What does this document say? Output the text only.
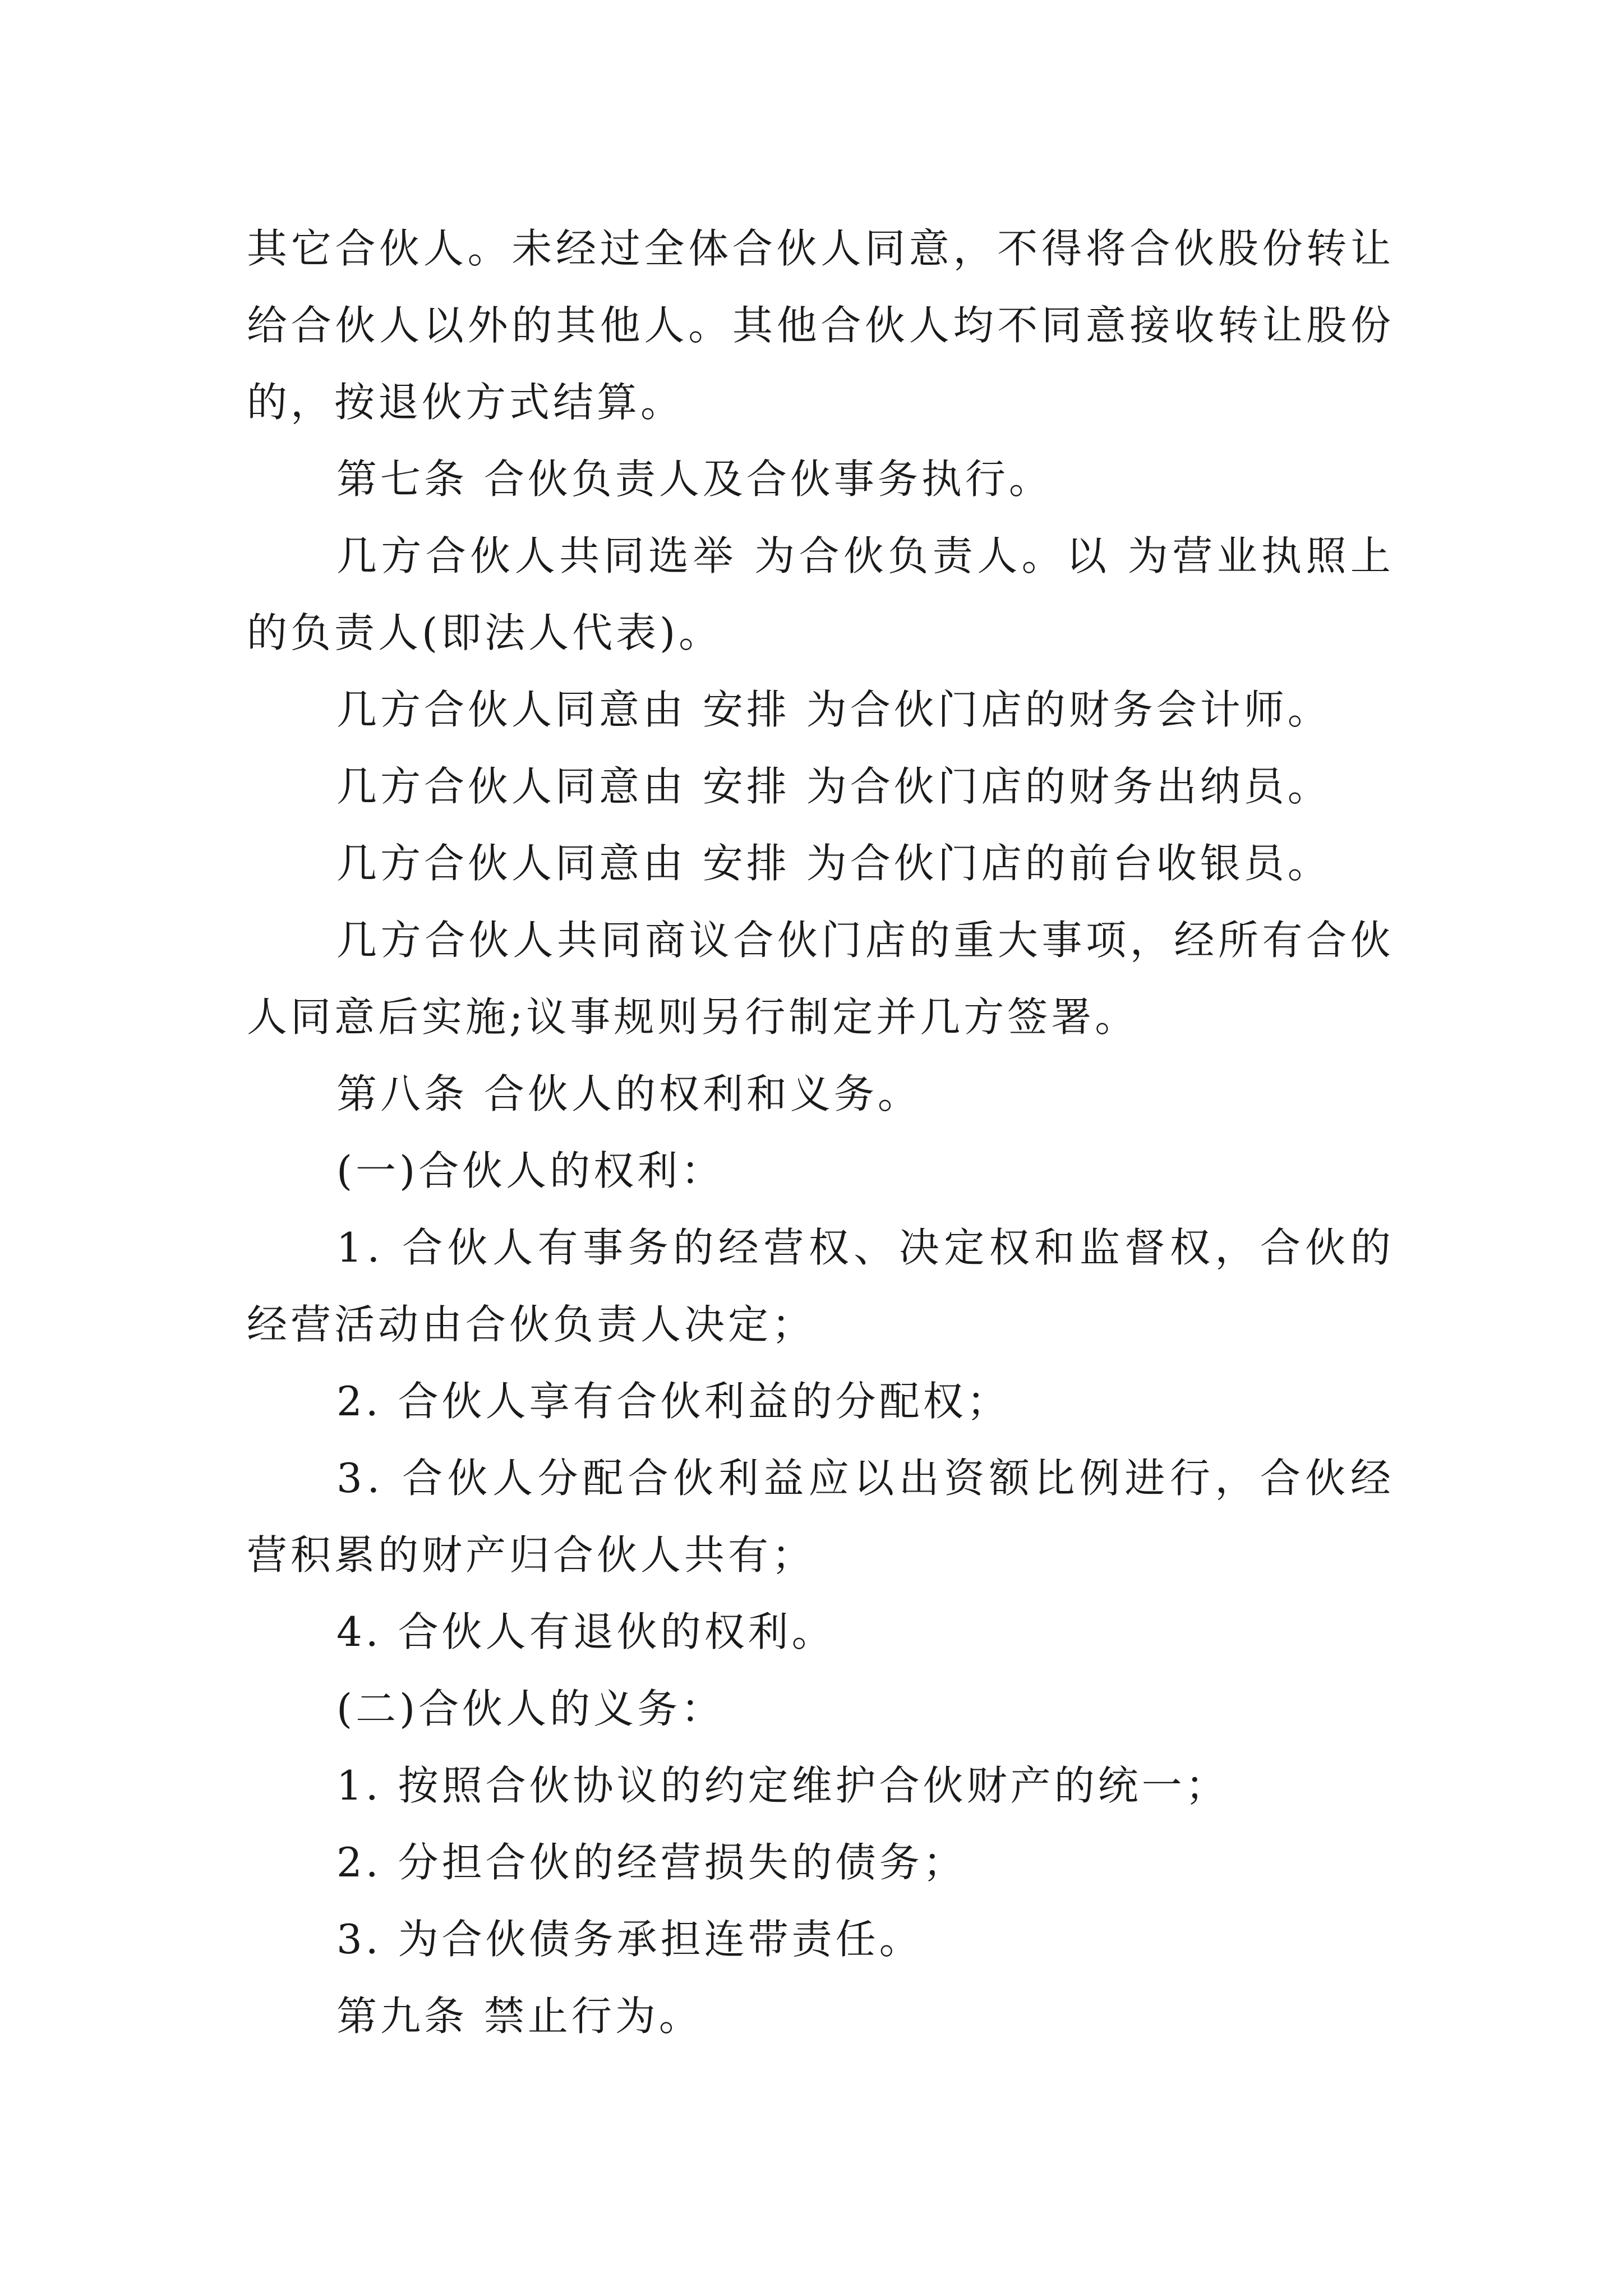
其 它 合 伙 人 。 未 经 过 全 体 合 伙 人 同 意 ， 不 得 将 合 伙 股 份 转 让
给 合 伙 人 以 外 的 其 他 人 。 其 他 合 伙 人 均 不 同 意 接 收 转 让 股 份
的，按退伙方式结算。
第七条 合伙负责人及合伙事务执行。
几 方 合 伙 人 共 同 选 举
为 合 伙 负 责 人 。 以
为 营 业 执 照 上
的负责人(即法人代表)。
几方合伙人同意由 安排 为合伙门店的财务会计师。
几方合伙人同意由 安排 为合伙门店的财务出纳员。
几方合伙人同意由 安排 为合伙门店的前台收银员。
几 方 合 伙 人 共 同 商 议 合 伙 门 店 的 重 大 事 项 ， 经 所 有 合 伙
人同意后实施;议事规则另行制定并几方签署。
第八条 合伙人的权利和义务。
(一)合伙人的权利：
1 .
合 伙 人 有 事 务 的 经 营 权 、 决 定 权 和 监 督 权 ， 合 伙 的
经营活动由合伙负责人决定；
2. 合伙人享有合伙利益的分配权；
3 .
合 伙 人 分 配 合 伙 利 益 应 以 出 资 额 比 例 进 行 ， 合 伙 经
营积累的财产归合伙人共有；
4. 合伙人有退伙的权利。
(二)合伙人的义务：
1. 按照合伙协议的约定维护合伙财产的统一；
2. 分担合伙的经营损失的债务；
3. 为合伙债务承担连带责任。
第九条 禁止行为。
